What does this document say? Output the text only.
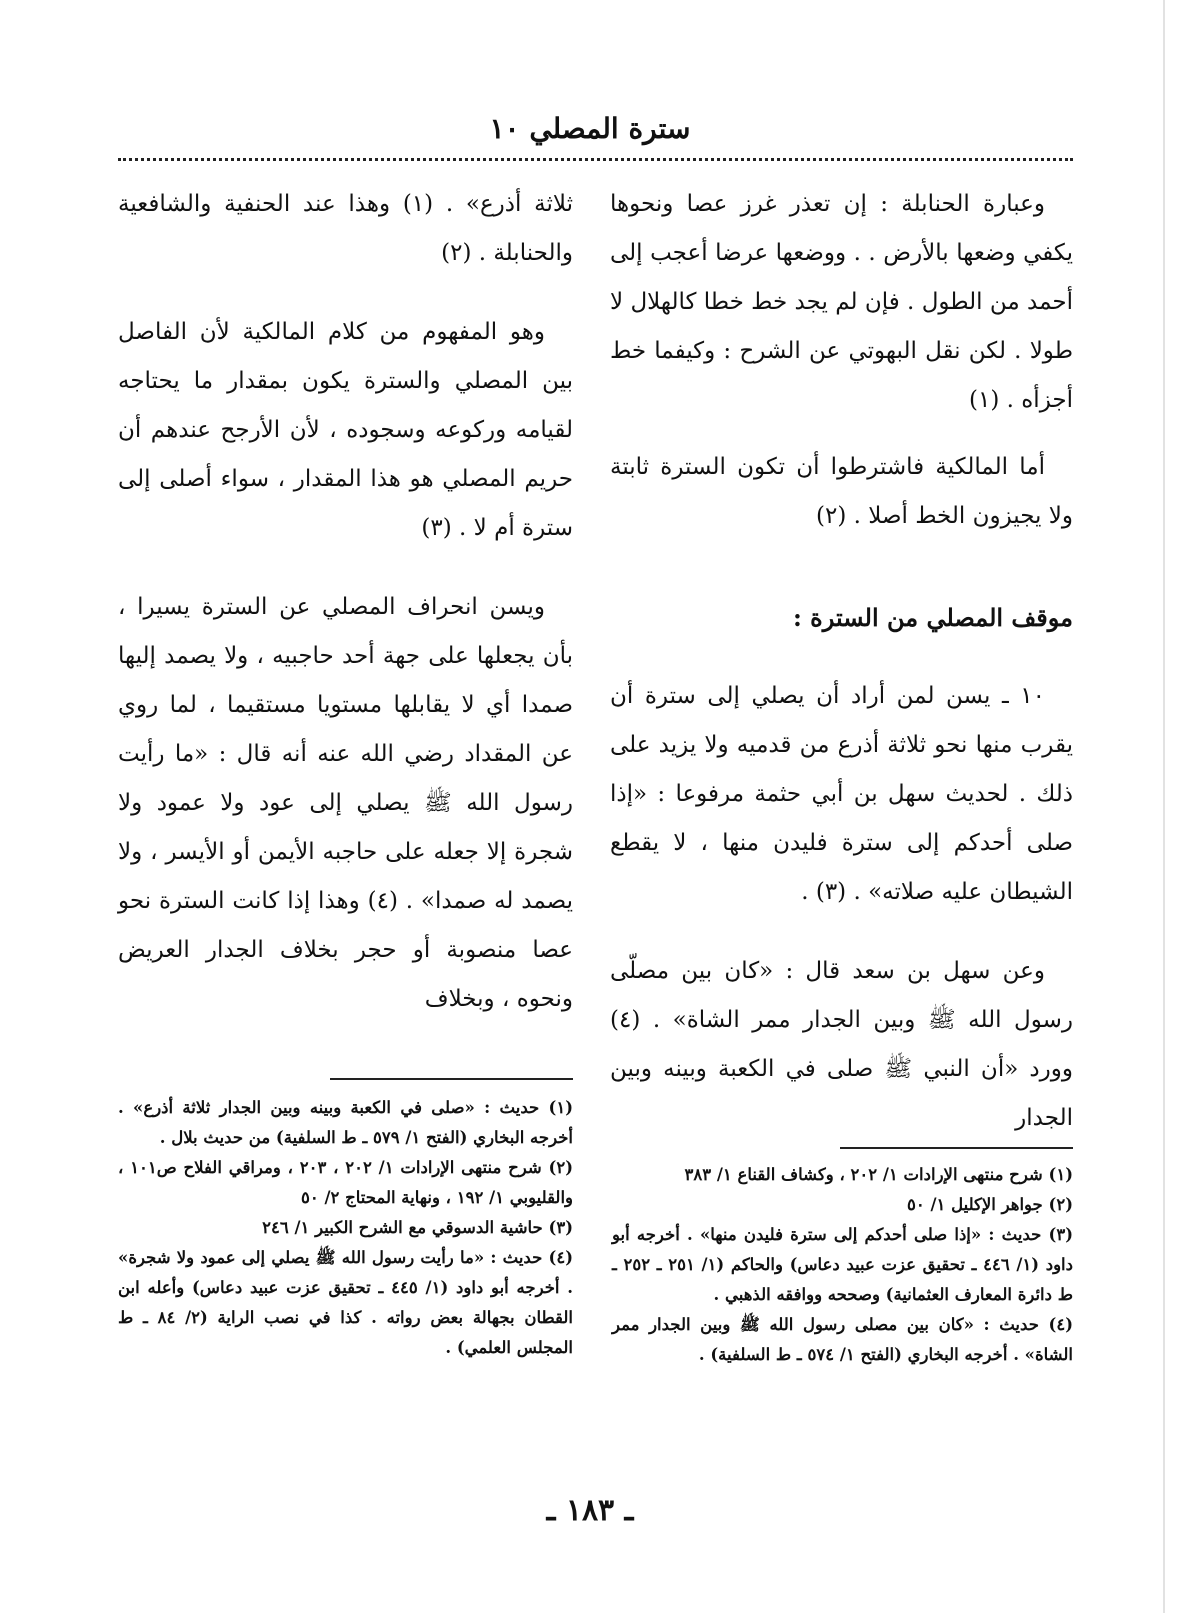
سترة المصلي ١٠

وعبارة الحنابلة : إن تعذر غرز عصا ونحوها يكفي وضعها بالأرض . . ووضعها عرضا أعجب إلى أحمد من الطول . فإن لم يجد خط خطا كالهلال لا طولا . لكن نقل البهوتي عن الشرح : وكيفما خط أجزأه . (١)

أما المالكية فاشترطوا أن تكون السترة ثابتة ولا يجيزون الخط أصلا . (٢)

موقف المصلي من السترة :

١٠ ـ يسن لمن أراد أن يصلي إلى سترة أن يقرب منها نحو ثلاثة أذرع من قدميه ولا يزيد على ذلك . لحديث سهل بن أبي حثمة مرفوعا : «إذا صلى أحدكم إلى سترة فليدن منها ، لا يقطع الشيطان عليه صلاته» . (٣) .

وعن سهل بن سعد قال : «كان بين مصلّى رسول الله ﷺ وبين الجدار ممر الشاة» . (٤) وورد «أن النبي ﷺ صلى في الكعبة وبينه وبين الجدار

ثلاثة أذرع» . (١) وهذا عند الحنفية والشافعية والحنابلة . (٢)

وهو المفهوم من كلام المالكية لأن الفاصل بين المصلي والسترة يكون بمقدار ما يحتاجه لقيامه وركوعه وسجوده ، لأن الأرجح عندهم أن حريم المصلي هو هذا المقدار ، سواء أصلى إلى سترة أم لا . (٣)

ويسن انحراف المصلي عن السترة يسيرا ، بأن يجعلها على جهة أحد حاجبيه ، ولا يصمد إليها صمدا أي لا يقابلها مستويا مستقيما ، لما روي عن المقداد رضي الله عنه أنه قال : «ما رأيت رسول الله ﷺ يصلي إلى عود ولا عمود ولا شجرة إلا جعله على حاجبه الأيمن أو الأيسر ، ولا يصمد له صمدا» . (٤) وهذا إذا كانت السترة نحو عصا منصوبة أو حجر بخلاف الجدار العريض ونحوه ، وبخلاف

(١) شرح منتهى الإرادات ١/ ٢٠٢ ، وكشاف القناع ١/ ٣٨٣

(٢) جواهر الإكليل ١/ ٥٠

(٣) حديث : «إذا صلى أحدكم إلى سترة فليدن منها» . أخرجه أبو داود (١/ ٤٤٦ ـ تحقيق عزت عبيد دعاس) والحاكم (١/ ٢٥١ ـ ٢٥٢ ـ ط دائرة المعارف العثمانية) وصححه ووافقه الذهبي .

(٤) حديث : «كان بين مصلى رسول الله ﷺ وبين الجدار ممر الشاة» . أخرجه البخاري (الفتح ١/ ٥٧٤ ـ ط السلفية) .

(١) حديث : «صلى في الكعبة وبينه وبين الجدار ثلاثة أذرع» . أخرجه البخاري (الفتح ١/ ٥٧٩ ـ ط السلفية) من حديث بلال .

(٢) شرح منتهى الإرادات ١/ ٢٠٢ ، ٢٠٣ ، ومراقي الفلاح ص١٠١ ، والقليوبي ١/ ١٩٢ ، ونهاية المحتاج ٢/ ٥٠

(٣) حاشية الدسوقي مع الشرح الكبير ١/ ٢٤٦

(٤) حديث : «ما رأيت رسول الله ﷺ يصلي إلى عمود ولا شجرة» . أخرجه أبو داود (١/ ٤٤٥ ـ تحقيق عزت عبيد دعاس) وأعله ابن القطان بجهالة بعض رواته . كذا في نصب الراية (٢/ ٨٤ ـ ط المجلس العلمي) .

ـ ١٨٣ ـ
